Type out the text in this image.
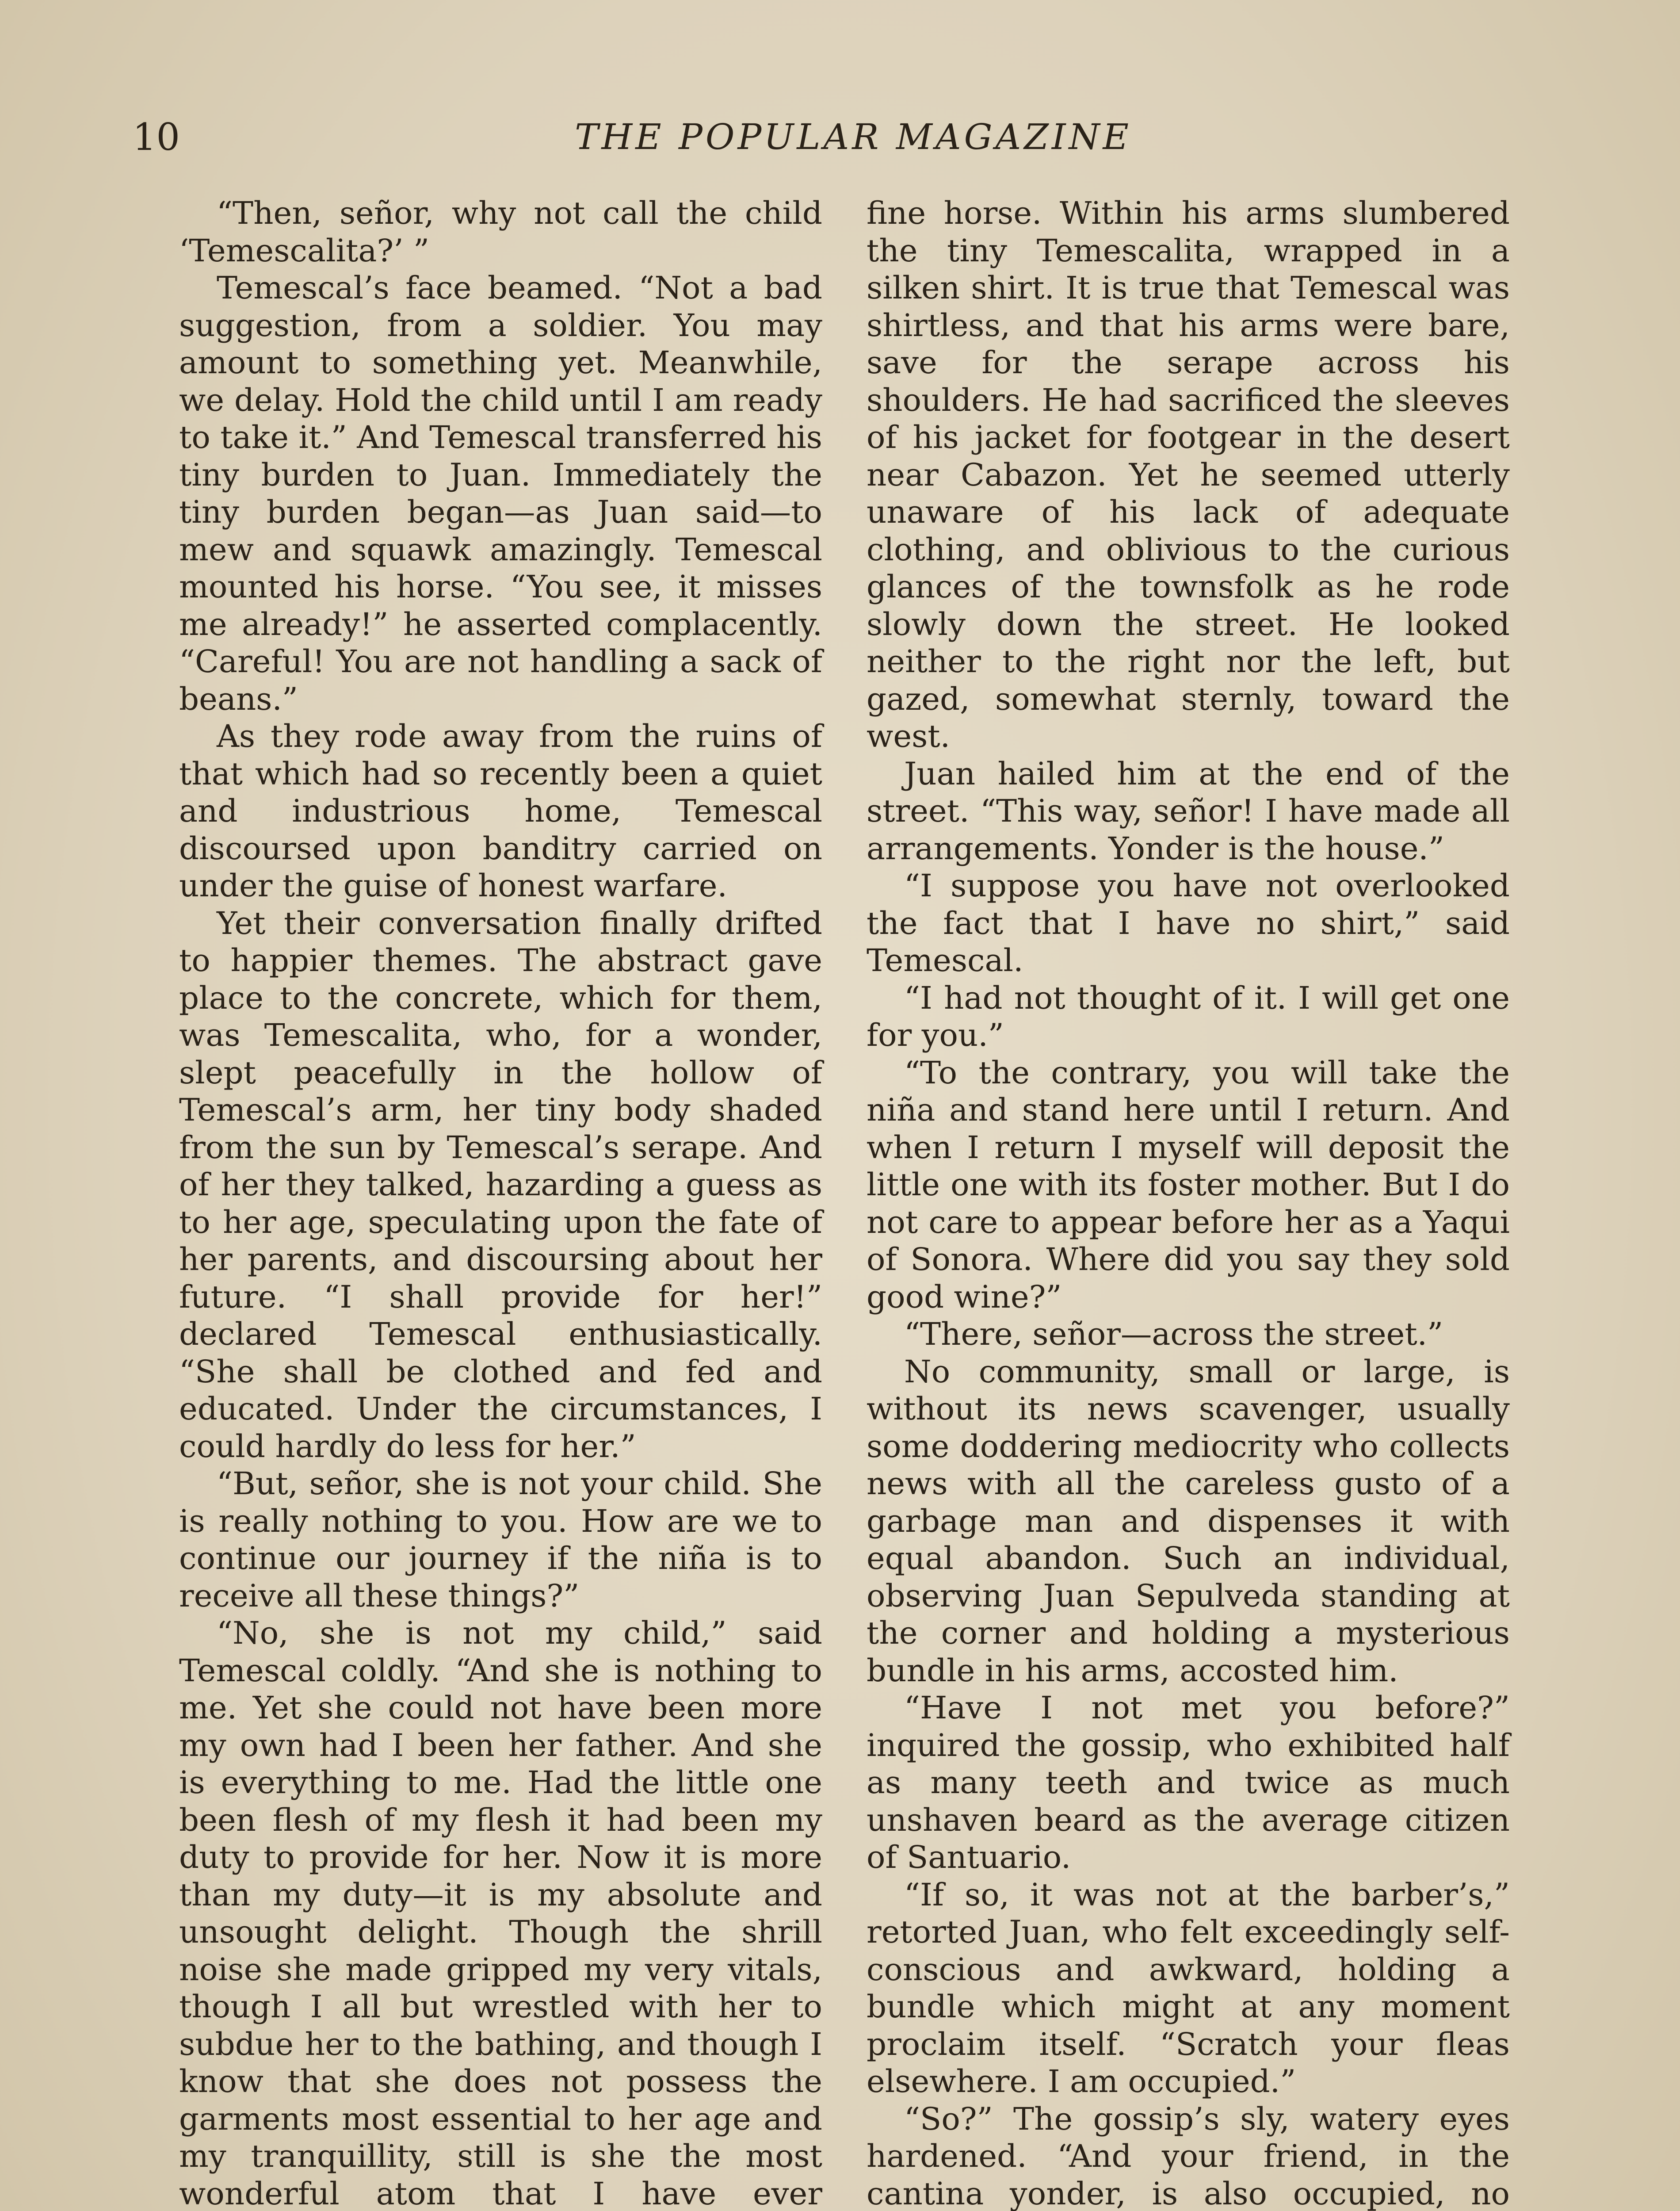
10	THE POPULAR MAGAZINE

“Then, señor, why not call the child ‘Temescalita?’ ”

Temescal’s face beamed. “Not a bad suggestion, from a soldier. You may amount to something yet. Meanwhile, we delay. Hold the child until I am ready to take it.” And Temescal transferred his tiny burden to Juan. Immediately the tiny burden began—as Juan said—to mew and squawk amazingly. Temescal mounted his horse. “You see, it misses me already!” he asserted complacently. “Careful! You are not handling a sack of beans.”

As they rode away from the ruins of that which had so recently been a quiet and industrious home, Temescal discoursed upon banditry carried on under the guise of honest warfare.

Yet their conversation finally drifted to happier themes. The abstract gave place to the concrete, which for them, was Temescalita, who, for a wonder, slept peacefully in the hollow of Temescal’s arm, her tiny body shaded from the sun by Temescal’s serape. And of her they talked, hazarding a guess as to her age, speculating upon the fate of her parents, and discoursing about her future. “I shall provide for her!” declared Temescal enthusiastically. “She shall be clothed and fed and educated. Under the circumstances, I could hardly do less for her.”

“But, señor, she is not your child. She is really nothing to you. How are we to continue our journey if the niña is to receive all these things?”

“No, she is not my child,” said Temescal coldly. “And she is nothing to me. Yet she could not have been more my own had I been her father. And she is everything to me. Had the little one been flesh of my flesh it had been my duty to provide for her. Now it is more than my duty—it is my absolute and unsought delight. Though the shrill noise she made gripped my very vitals, though I all but wrestled with her to subdue her to the bathing, and though I know that she does not possess the garments most essential to her age and my tranquillity, still is she the most wonderful atom that I have ever

fine horse. Within his arms slumbered the tiny Temescalita, wrapped in a silken shirt. It is true that Temescal was shirtless, and that his arms were bare, save for the serape across his shoulders. He had sacrificed the sleeves of his jacket for footgear in the desert near Cabazon. Yet he seemed utterly unaware of his lack of adequate clothing, and oblivious to the curious glances of the townsfolk as he rode slowly down the street. He looked neither to the right nor the left, but gazed, somewhat sternly, toward the west.

Juan hailed him at the end of the street. “This way, señor! I have made all arrangements. Yonder is the house.”

“I suppose you have not overlooked the fact that I have no shirt,” said Temescal.

“I had not thought of it. I will get one for you.”

“To the contrary, you will take the niña and stand here until I return. And when I return I myself will deposit the little one with its foster mother. But I do not care to appear before her as a Yaqui of Sonora. Where did you say they sold good wine?”

“There, señor—across the street.”

No community, small or large, is without its news scavenger, usually some doddering mediocrity who collects news with all the careless gusto of a garbage man and dispenses it with equal abandon. Such an individual, observing Juan Sepulveda standing at the corner and holding a mysterious bundle in his arms, accosted him.

“Have I not met you before?” inquired the gossip, who exhibited half as many teeth and twice as much unshaven beard as the average citizen of Santuario.

“If so, it was not at the barber’s,” retorted Juan, who felt exceedingly self-conscious and awkward, holding a bundle which might at any moment proclaim itself. “Scratch your fleas elsewhere. I am occupied.”

“So?” The gossip’s sly, watery eyes hardened. “And your friend, in the cantina yonder, is also occupied, no
